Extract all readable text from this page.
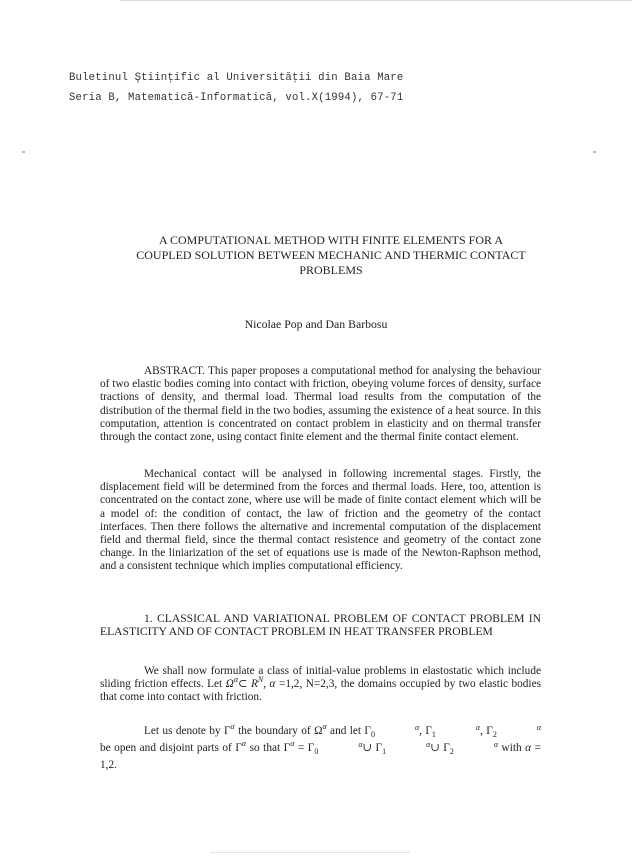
Buletinul Ştiinţific al Universităţii din Baia Mare
Seria B, Matematică-Informatică, vol.X(1994), 67-71
A COMPUTATIONAL METHOD WITH FINITE ELEMENTS FOR A
COUPLED SOLUTION BETWEEN MECHANIC AND THERMIC CONTACT
PROBLEMS
Nicolae Pop and Dan Barbosu
ABSTRACT. This paper proposes a computational method for analysing the behaviour of two elastic bodies coming into contact with friction, obeying volume forces of density, surface tractions of density, and thermal load. Thermal load results from the computation of the distribution of the thermal field in the two bodies, assuming the existence of a heat source. In this computation, attention is concentrated on contact problem in elasticity and on thermal transfer through the contact zone, using contact finite element and the thermal finite contact element.
Mechanical contact will be analysed in following incremental stages. Firstly, the displacement field will be determined from the forces and thermal loads. Here, too, attention is concentrated on the contact zone, where use will be made of finite contact element which will be a model of: the condition of contact, the law of friction and the geometry of the contact interfaces. Then there follows the alternative and incremental computation of the displacement field and thermal field, since the thermal contact resistence and geometry of the contact zone change. In the liniarization of the set of equations use is made of the Newton-Raphson method, and a consistent technique which implies computational efficiency.
1. CLASSICAL AND VARIATIONAL PROBLEM OF CONTACT PROBLEM IN ELASTICITY AND OF CONTACT PROBLEM IN HEAT TRANSFER PROBLEM
We shall now formulate a class of initial-value problems in elastostatic which include sliding friction effects. Let $\Omega^\alpha\subset$ $R^N$, α =1,2, N=2,3, the domains occupied by two elastic bodies that come into contact with friction.
Let us denote by $\Gamma^\alpha$ the boundary of $\Omega^\alpha$ and let Γ	α
0	, Γ	α
1	, Γ	α
2 be open and disjoint parts of $\Gamma^\alpha$ so that $\Gamma^\alpha = \Gamma$	α
0	∪ Γ	α
1	∪ Γ	α
2	with α = 1,2.
